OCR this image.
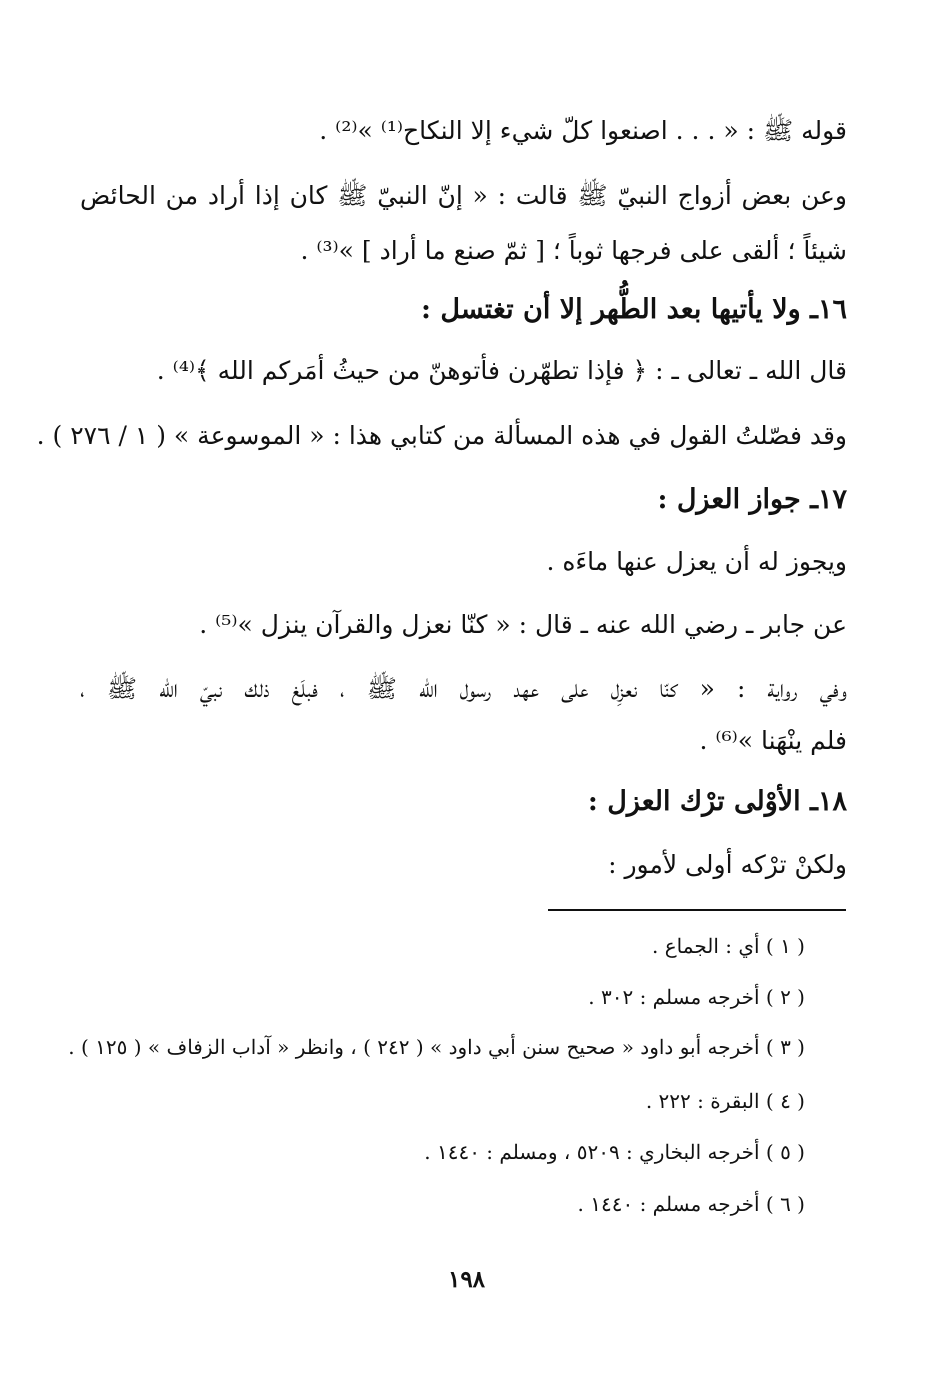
قوله ﷺ : « . . . اصنعوا كلّ شيء إلا النكاح⁽¹⁾ »⁽²⁾ .
وعن بعض أزواج النبيّ ﷺ قالت : « إنّ النبيّ ﷺ كان إذا أراد من الحائض
شيئاً ؛ ألقى على فرجها ثوباً ؛ [ ثمّ صنع ما أراد ] »⁽³⁾ .
١٦ـ ولا يأتيها بعد الطُّهر إلا أن تغتسل :
قال الله ـ تعالى ـ : ﴿ فإذا تطهّرن فأتوهنّ من حيثُ أمَركم الله ﴾⁽⁴⁾ .
وقد فصّلتُ القول في هذه المسألة من كتابي هذا : « الموسوعة » ( ١ / ٢٧٦ ) .
١٧ـ جواز العزل :
ويجوز له أن يعزل عنها ماءَه .
عن جابر ـ رضي الله عنه ـ قال : « كنّا نعزل والقرآن ينزل »⁽⁵⁾ .
وفي رواية : « كنّا نعزِل على عهد رسول الله ﷺ ، فبلَغ ذلك نبيّ الله ﷺ ،
فلم ينْهَنا »⁽⁶⁾ .
١٨ـ الأوْلى ترْك العزل :
ولكنْ ترْكه أولى لأمور :
( ١ ) أي : الجماع .
( ٢ ) أخرجه مسلم : ٣٠٢ .
( ٣ ) أخرجه أبو داود « صحيح سنن أبي داود » ( ٢٤٢ ) ، وانظر « آداب الزفاف » ( ١٢٥ ) .
( ٤ ) البقرة : ٢٢٢ .
( ٥ ) أخرجه البخاري : ٥٢٠٩ ، ومسلم : ١٤٤٠ .
( ٦ ) أخرجه مسلم : ١٤٤٠ .
١٩٨
